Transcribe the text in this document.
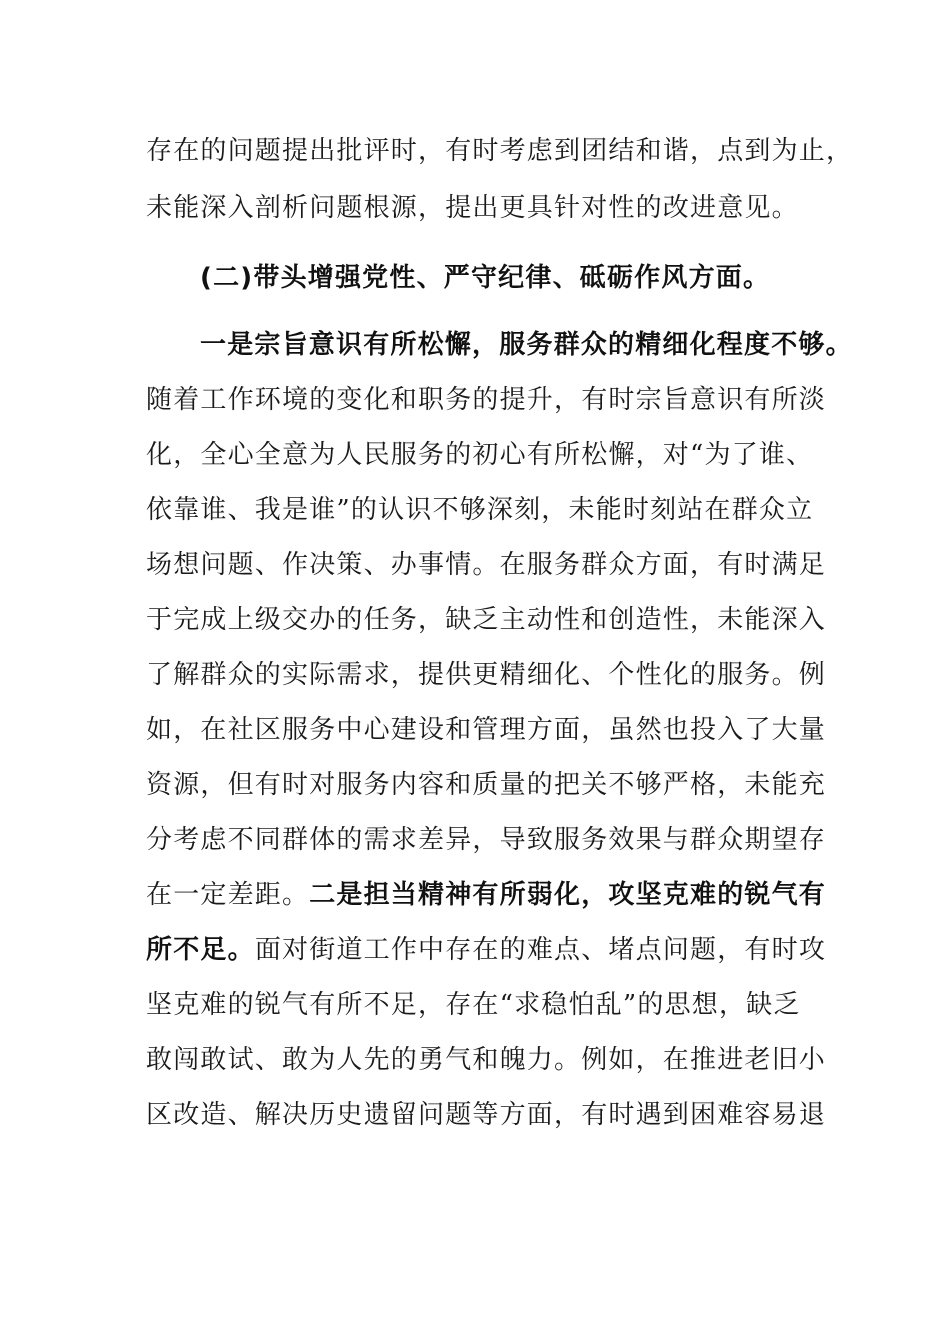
存在的问题提出批评时，有时考虑到团结和谐，点到为止，

未能深入剖析问题根源，提出更具针对性的改进意见。

(二)带头增强党性、严守纪律、砥砺作风方面。

一是宗旨意识有所松懈，服务群众的精细化程度不够。

随着工作环境的变化和职务的提升，有时宗旨意识有所淡

化，全心全意为人民服务的初心有所松懈，对“为了谁、

依靠谁、我是谁”的认识不够深刻，未能时刻站在群众立

场想问题、作决策、办事情。在服务群众方面，有时满足

于完成上级交办的任务，缺乏主动性和创造性，未能深入

了解群众的实际需求，提供更精细化、个性化的服务。例

如，在社区服务中心建设和管理方面，虽然也投入了大量

资源，但有时对服务内容和质量的把关不够严格，未能充

分考虑不同群体的需求差异，导致服务效果与群众期望存

在一定差距。二是担当精神有所弱化，攻坚克难的锐气有

所不足。面对街道工作中存在的难点、堵点问题，有时攻

坚克难的锐气有所不足，存在“求稳怕乱”的思想，缺乏

敢闯敢试、敢为人先的勇气和魄力。例如，在推进老旧小

区改造、解决历史遗留问题等方面，有时遇到困难容易退
